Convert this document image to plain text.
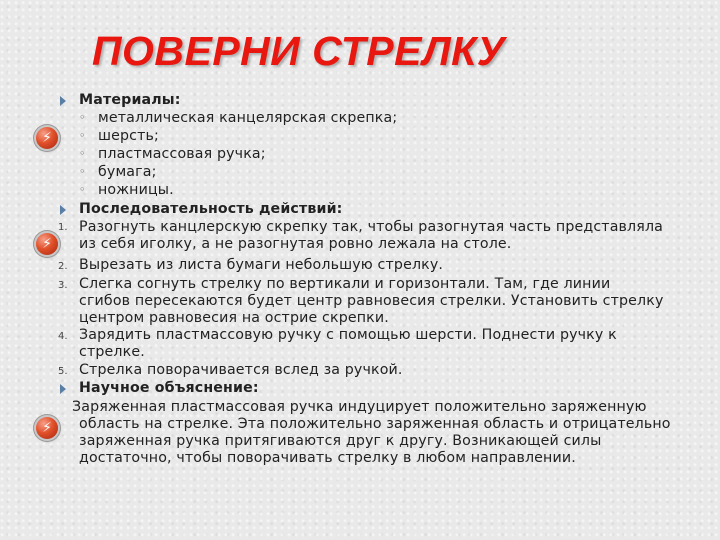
ПОВЕРНИ СТРЕЛКУ
⚡
⚡
⚡
Материалы:
◦ металлическая канцелярская скрепка;
◦ шерсть;
◦ пластмассовая ручка;
◦ бумага;
◦ ножницы.
Последовательность действий:
1. Разогнуть канцлерскую скрепку так, чтобы разогнутая часть представляла
из себя иголку, а не разогнутая ровно лежала на столе.
2. Вырезать из листа бумаги небольшую стрелку.
3. Слегка согнуть стрелку по вертикали и горизонтали. Там, где линии
сгибов пересекаются будет центр равновесия стрелки. Установить стрелку
центром равновесия на острие скрепки.
4. Зарядить пластмассовую ручку с помощью шерсти. Поднести ручку к
стрелке.
5. Стрелка поворачивается вслед за ручкой.
Научное объяснение:
Заряженная пластмассовая ручка индуцирует положительно заряженную
область на стрелке. Эта положительно заряженная область и отрицательно
заряженная ручка притягиваются друг к другу. Возникающей силы
достаточно, чтобы поворачивать стрелку в любом направлении.
